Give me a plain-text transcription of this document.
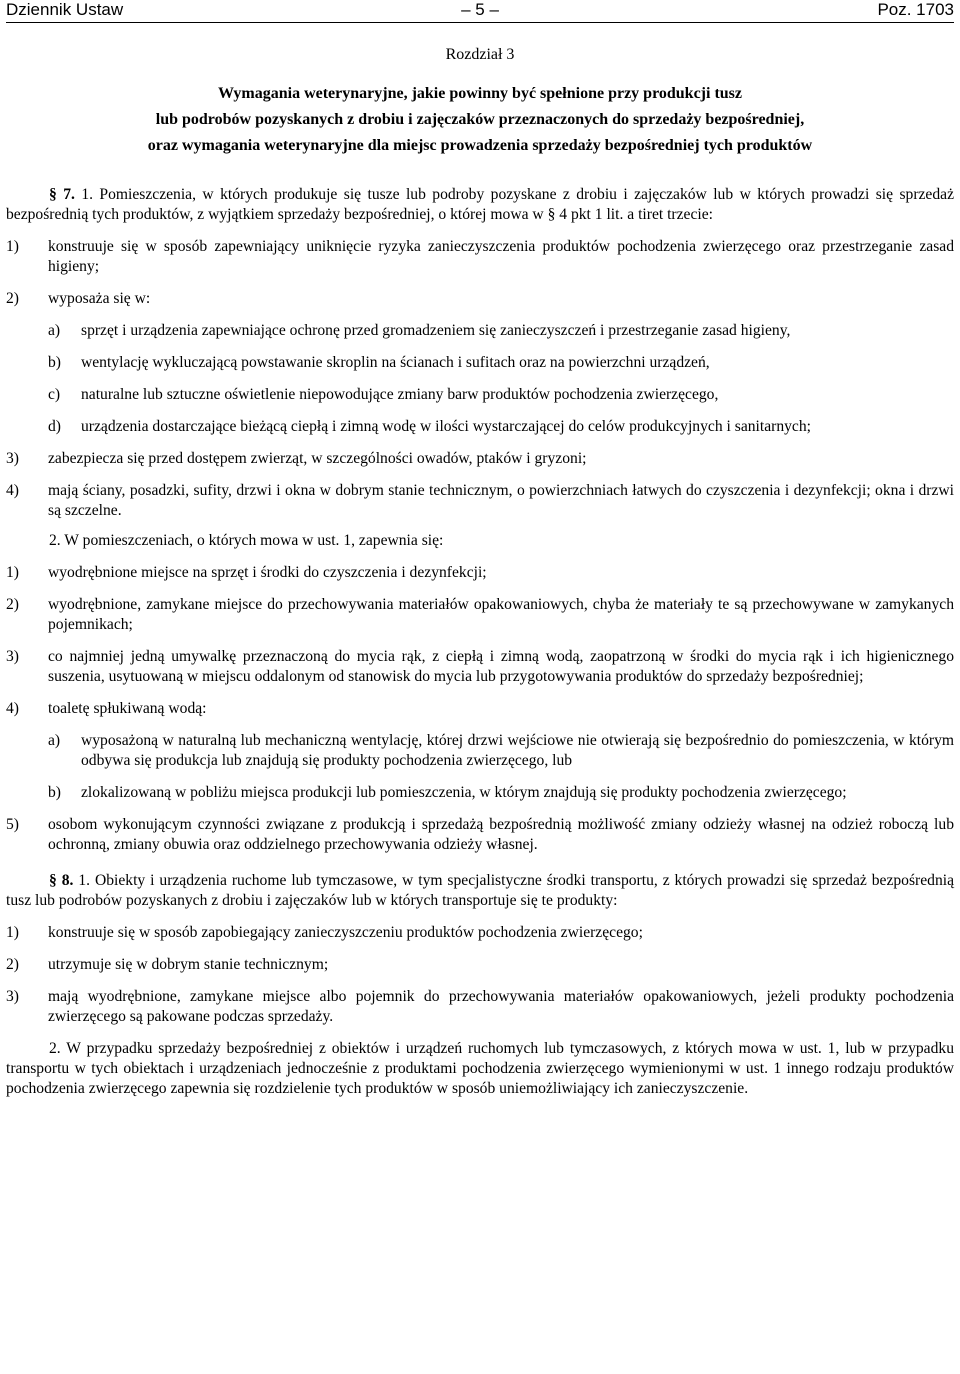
Dziennik Ustaw	– 5 –	Poz. 1703
Rozdział 3
Wymagania weterynaryjne, jakie powinny być spełnione przy produkcji tusz
lub podrobów pozyskanych z drobiu i zajęczaków przeznaczonych do sprzedaży bezpośredniej,
oraz wymagania weterynaryjne dla miejsc prowadzenia sprzedaży bezpośredniej tych produktów

§ 7. 1. Pomieszczenia, w których produkuje się tusze lub podroby pozyskane z drobiu i zajęczaków lub w których prowadzi się sprzedaż bezpośrednią tych produktów, z wyjątkiem sprzedaży bezpośredniej, o której mowa w § 4 pkt 1 lit. a tiret trzecie:

1) konstruuje się w sposób zapewniający uniknięcie ryzyka zanieczyszczenia produktów pochodzenia zwierzęcego oraz przestrzeganie zasad higieny;
2) wyposaża się w:
a) sprzęt i urządzenia zapewniające ochronę przed gromadzeniem się zanieczyszczeń i przestrzeganie zasad higieny,
b) wentylację wykluczającą powstawanie skroplin na ścianach i sufitach oraz na powierzchni urządzeń,
c) naturalne lub sztuczne oświetlenie niepowodujące zmiany barw produktów pochodzenia zwierzęcego,
d) urządzenia dostarczające bieżącą ciepłą i zimną wodę w ilości wystarczającej do celów produkcyjnych i sanitarnych;
3) zabezpiecza się przed dostępem zwierząt, w szczególności owadów, ptaków i gryzoni;
4) mają ściany, posadzki, sufity, drzwi i okna w dobrym stanie technicznym, o powierzchniach łatwych do czyszczenia i dezynfekcji; okna i drzwi są szczelne.

2. W pomieszczeniach, o których mowa w ust. 1, zapewnia się:

1) wyodrębnione miejsce na sprzęt i środki do czyszczenia i dezynfekcji;
2) wyodrębnione, zamykane miejsce do przechowywania materiałów opakowaniowych, chyba że materiały te są przechowywane w zamykanych pojemnikach;
3) co najmniej jedną umywalkę przeznaczoną do mycia rąk, z ciepłą i zimną wodą, zaopatrzoną w środki do mycia rąk i ich higienicznego suszenia, usytuowaną w miejscu oddalonym od stanowisk do mycia lub przygotowywania produktów do sprzedaży bezpośredniej;
4) toaletę spłukiwaną wodą:
a) wyposażoną w naturalną lub mechaniczną wentylację, której drzwi wejściowe nie otwierają się bezpośrednio do pomieszczenia, w którym odbywa się produkcja lub znajdują się produkty pochodzenia zwierzęcego, lub
b) zlokalizowaną w pobliżu miejsca produkcji lub pomieszczenia, w którym znajdują się produkty pochodzenia zwierzęcego;
5) osobom wykonującym czynności związane z produkcją i sprzedażą bezpośrednią możliwość zmiany odzieży własnej na odzież roboczą lub ochronną, zmiany obuwia oraz oddzielnego przechowywania odzieży własnej.

§ 8. 1. Obiekty i urządzenia ruchome lub tymczasowe, w tym specjalistyczne środki transportu, z których prowadzi się sprzedaż bezpośrednią tusz lub podrobów pozyskanych z drobiu i zajęczaków lub w których transportuje się te produkty:

1) konstruuje się w sposób zapobiegający zanieczyszczeniu produktów pochodzenia zwierzęcego;
2) utrzymuje się w dobrym stanie technicznym;
3) mają wyodrębnione, zamykane miejsce albo pojemnik do przechowywania materiałów opakowaniowych, jeżeli produkty pochodzenia zwierzęcego są pakowane podczas sprzedaży.

2. W przypadku sprzedaży bezpośredniej z obiektów i urządzeń ruchomych lub tymczasowych, z których mowa w ust. 1, lub w przypadku transportu w tych obiektach i urządzeniach jednocześnie z produktami pochodzenia zwierzęcego wymienionymi w ust. 1 innego rodzaju produktów pochodzenia zwierzęcego zapewnia się rozdzielenie tych produktów w sposób uniemożliwiający ich zanieczyszczenie.
